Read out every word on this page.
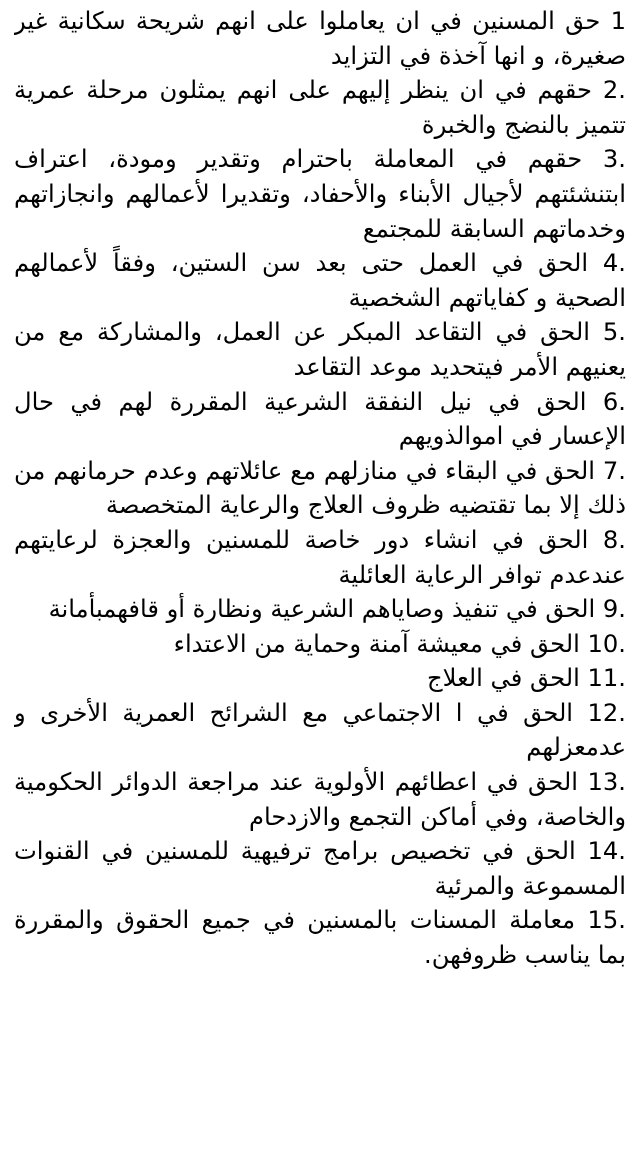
1 حق المسنين في ان يعاملوا على انهم شريحة سكانية غير صغيرة، و انها آخذة في التزايد

.2 حقهم في ان ينظر إليهم على انهم يمثلون مرحلة عمرية تتميز بالنضج والخبرة

.3 حقهم في المعاملة باحترام وتقدير ومودة، اعتراف ابتنشئتهم لأجيال الأبناء والأحفاد، وتقديرا لأعمالهم وانجازاتهم وخدماتهم السابقة للمجتمع

.4 الحق في العمل حتى بعد سن الستين، وفقاً لأعمالهم الصحية و كفاياتهم الشخصية

.5 الحق في التقاعد المبكر عن العمل، والمشاركة مع من يعنيهم الأمر فيتحديد موعد التقاعد

.6 الحق في نيل النفقة الشرعية المقررة لهم في حال الإعسار في اموالذويهم

.7 الحق في البقاء في منازلهم مع عائلاتهم وعدم حرمانهم من ذلك إلا بما تقتضيه ظروف العلاج والرعاية المتخصصة

.8 الحق في انشاء دور خاصة للمسنين والعجزة لرعايتهم عندعدم توافر الرعاية العائلية

.9 الحق في تنفيذ وصاياهم الشرعية ونظارة أو قافهمبأمانة

.10 الحق في معيشة آمنة وحماية من الاعتداء

.11 الحق في العلاج

.12 الحق في ا الاجتماعي مع الشرائح العمرية الأخرى و عدمعزلهم

.13 الحق في اعطائهم الأولوية عند مراجعة الدوائر الحكومية والخاصة، وفي أماكن التجمع والازدحام

.14 الحق في تخصيص برامج ترفيهية للمسنين في القنوات المسموعة والمرئية

.15 معاملة المسنات بالمسنين في جميع الحقوق والمقررة بما يناسب ظروفهن.
